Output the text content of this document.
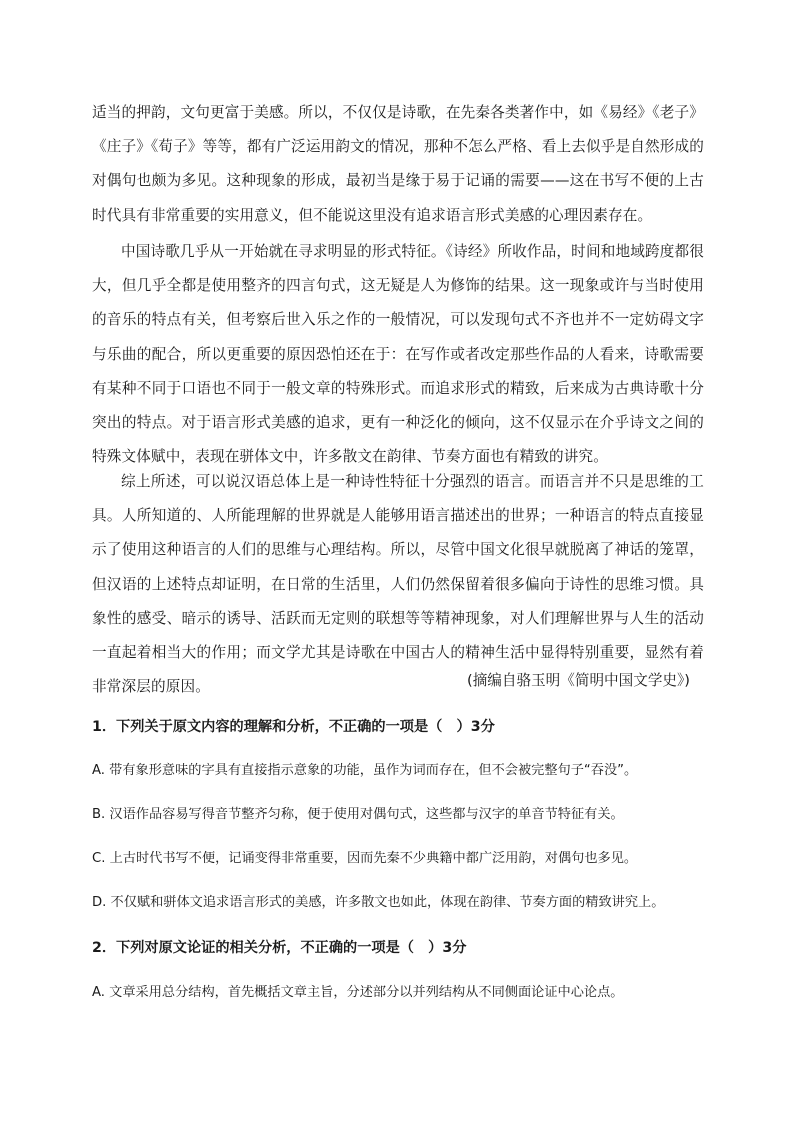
适当的押韵，文句更富于美感。所以，不仅仅是诗歌，在先秦各类著作中，如《易经》《老子》《庄子》《荀子》等等，都有广泛运用韵文的情况，那种不怎么严格、看上去似乎是自然形成的对偶句也颇为多见。这种现象的形成，最初当是缘于易于记诵的需要——这在书写不便的上古时代具有非常重要的实用意义，但不能说这里没有追求语言形式美感的心理因素存在。

中国诗歌几乎从一开始就在寻求明显的形式特征。《诗经》所收作品，时间和地域跨度都很大，但几乎全都是使用整齐的四言句式，这无疑是人为修饰的结果。这一现象或许与当时使用的音乐的特点有关，但考察后世入乐之作的一般情况，可以发现句式不齐也并不一定妨碍文字与乐曲的配合，所以更重要的原因恐怕还在于：在写作或者改定那些作品的人看来，诗歌需要有某种不同于口语也不同于一般文章的特殊形式。而追求形式的精致，后来成为古典诗歌十分突出的特点。对于语言形式美感的追求，更有一种泛化的倾向，这不仅显示在介乎诗文之间的特殊文体赋中，表现在骈体文中，许多散文在韵律、节奏方面也有精致的讲究。

综上所述，可以说汉语总体上是一种诗性特征十分强烈的语言。而语言并不只是思维的工具。人所知道的、人所能理解的世界就是人能够用语言描述出的世界；一种语言的特点直接显示了使用这种语言的人们的思维与心理结构。所以，尽管中国文化很早就脱离了神话的笼罩，但汉语的上述特点却证明，在日常的生活里，人们仍然保留着很多偏向于诗性的思维习惯。具象性的感受、暗示的诱导、活跃而无定则的联想等等精神现象，对人们理解世界与人生的活动一直起着相当大的作用；而文学尤其是诗歌在中国古人的精神生活中显得特别重要，显然有着非常深层的原因。	(摘编自骆玉明《简明中国文学史》)

1．下列关于原文内容的理解和分析，不正确的一项是（　）3分

A. 带有象形意味的字具有直接指示意象的功能，虽作为词而存在，但不会被完整句子“吞没”。

B. 汉语作品容易写得音节整齐匀称，便于使用对偶句式，这些都与汉字的单音节特征有关。

C. 上古时代书写不便，记诵变得非常重要，因而先秦不少典籍中都广泛用韵，对偶句也多见。

D. 不仅赋和骈体文追求语言形式的美感，许多散文也如此，体现在韵律、节奏方面的精致讲究上。

2．下列对原文论证的相关分析，不正确的一项是（　）3分

A. 文章采用总分结构，首先概括文章主旨，分述部分以并列结构从不同侧面论证中心论点。
